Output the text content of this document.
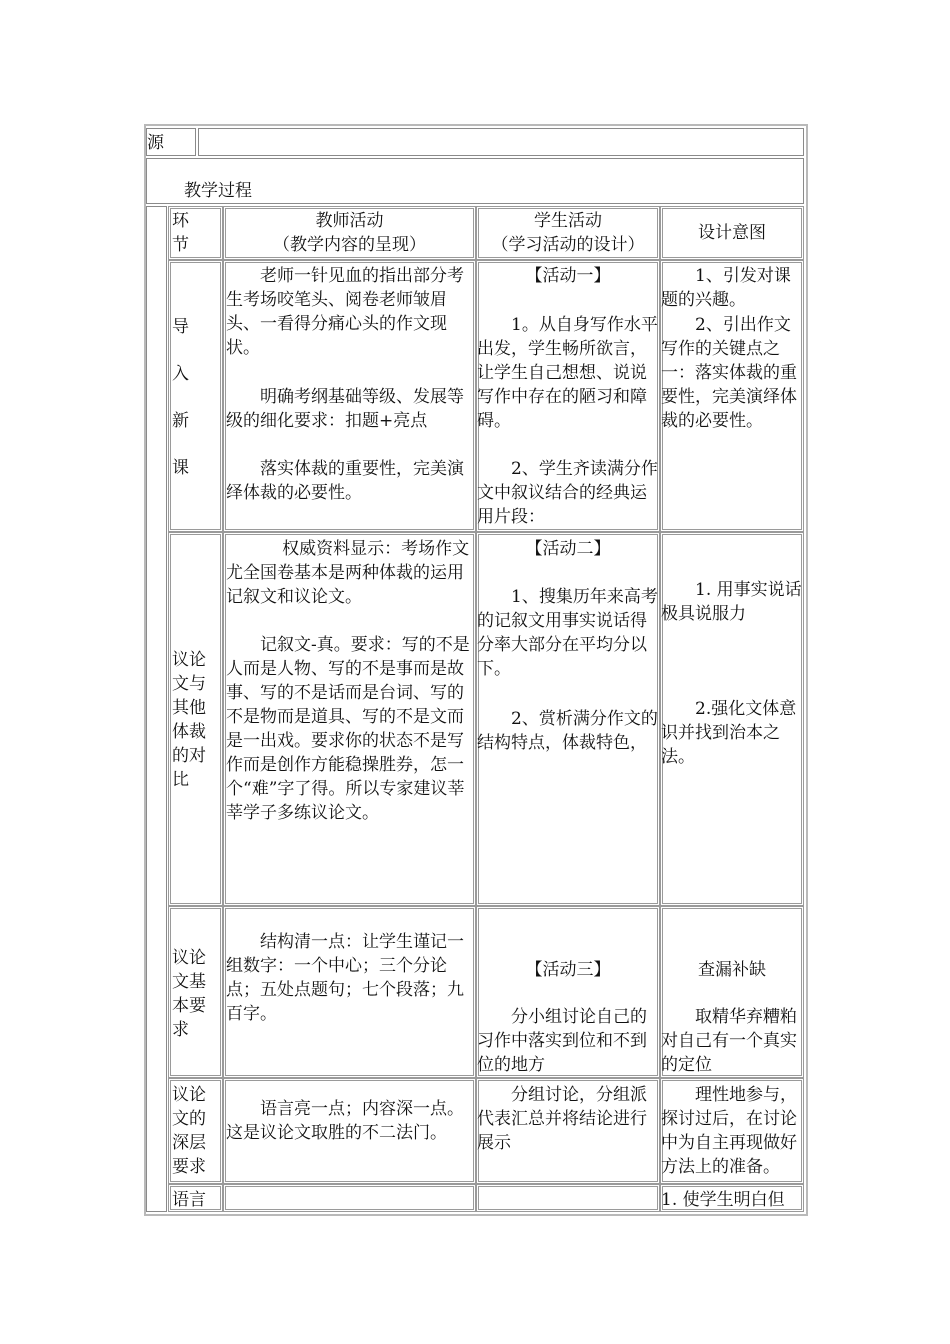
源
教学过程
环
节
教师活动
（教学内容的呈现）
学生活动
（学习活动的设计）
设计意图
导
入
新
课
老师一针见血的指出部分考生考场咬笔头、阅卷老师皱眉头、一看得分痛心头的作文现状。
明确考纲基础等级、发展等级的细化要求：扣题+亮点
落实体裁的重要性，完美演绎体裁的必要性。
【活动一】
1。从自身写作水平出发，学生畅所欲言，让学生自己想想、说说写作中存在的陋习和障碍。
2、学生齐读满分作文中叙议结合的经典运用片段：
1、引发对课题的兴趣。
2、引出作文写作的关键点之一：落实体裁的重要性，完美演绎体裁的必要性。
议论
文与
其他
体裁
的对
比
权威资料显示：考场作文尤全国卷基本是两种体裁的运用记叙文和议论文。
记叙文-真。要求：写的不是人而是人物、写的不是事而是故事、写的不是话而是台词、写的不是物而是道具、写的不是文而是一出戏。要求你的状态不是写作而是创作方能稳操胜券，怎一个“难”字了得。所以专家建议莘莘学子多练议论文。
【活动二】
1、搜集历年来高考的记叙文用事实说话得分率大部分在平均分以下。
2、赏析满分作文的结构特点，体裁特色，
1. 用事实说话极具说服力
2.强化文体意识并找到治本之法。
议论
文基
本要
求
结构清一点：让学生谨记一组数字：一个中心；三个分论点；五处点题句；七个段落；九百字。
【活动三】
分小组讨论自己的习作中落实到位和不到位的地方
查漏补缺
取精华弃糟粕对自己有一个真实的定位
议论
文的
深层
要求
语言亮一点；内容深一点。这是议论文取胜的不二法门。
分组讨论，分组派代表汇总并将结论进行展示
理性地参与，探讨过后，在讨论中为自主再现做好方法上的准备。
语言	1. 使学生明白但
